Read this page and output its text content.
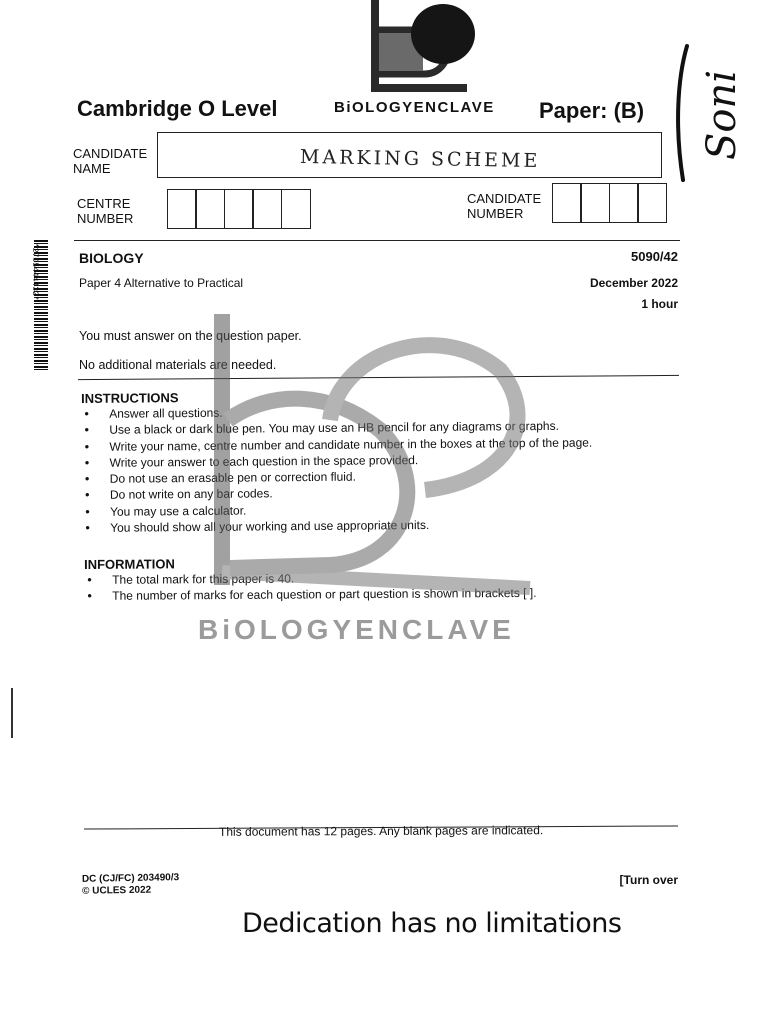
Cambridge O Level	BiOLOGYENCLAVE Paper: (B) Soni
CANDIDATE NAME	MARKING SCHEME
CENTRE NUMBER
CANDIDATE NUMBER
*2705444432*	BIOLOGY	5090/42
Paper 4 Alternative to Practical	December 2022
1 hour
You must answer on the question paper.
No additional materials are needed.
INSTRUCTIONS
● Answer all questions.
● Use a black or dark blue pen. You may use an HB pencil for any diagrams or graphs.
● Write your name, centre number and candidate number in the boxes at the top of the page.
● Write your answer to each question in the space provided.
● Do not use an erasable pen or correction fluid.
● Do not write on any bar codes.
● You may use a calculator.
● You should show all your working and use appropriate units.
INFORMATION
● The total mark for this paper is 40.
● The number of marks for each question or part question is shown in brackets [ ].
BiOLOGYENCLAVE
This document has 12 pages. Any blank pages are indicated.
DC (CJ/FC) 203490/3
© UCLES 2022
[Turn over
Dedication has no limitations
